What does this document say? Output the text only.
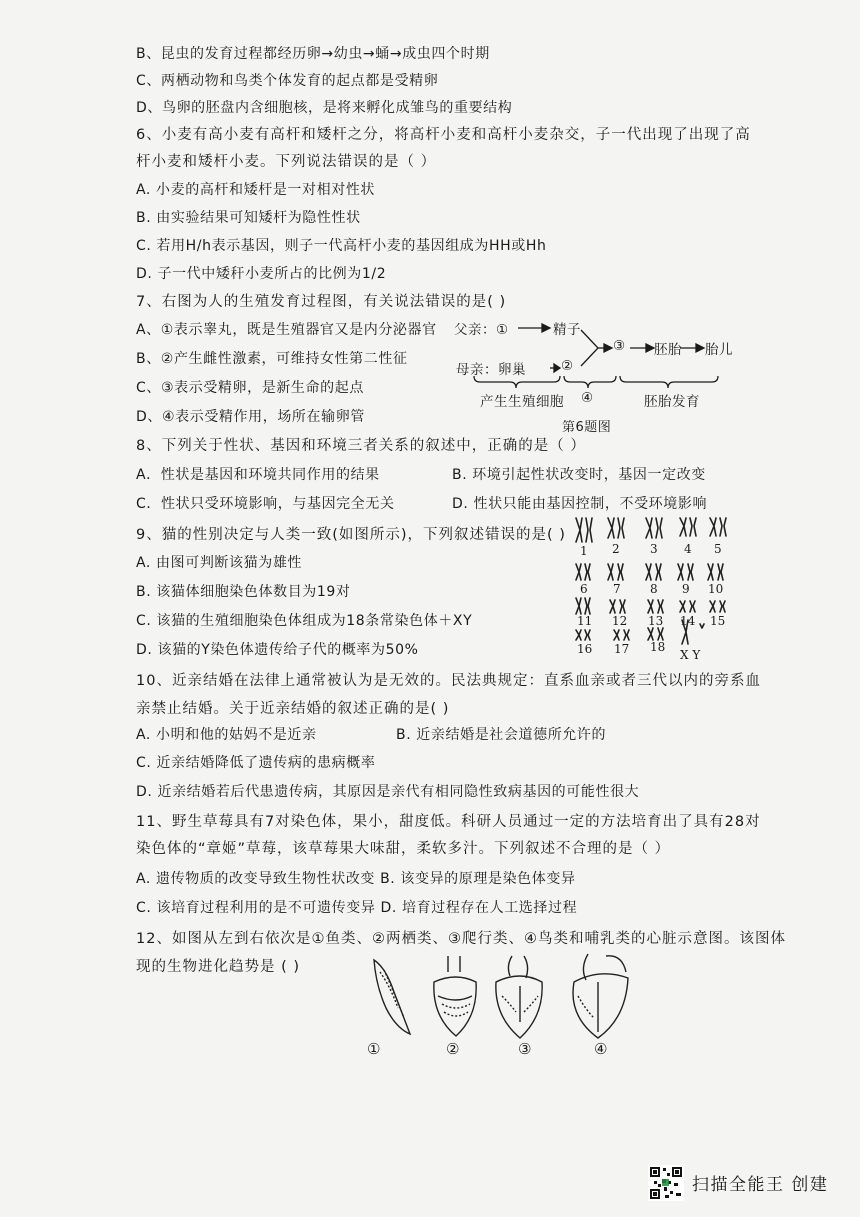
B、昆虫的发育过程都经历卵→幼虫→蛹→成虫四个时期
C、两栖动物和鸟类个体发育的起点都是受精卵
D、鸟卵的胚盘内含细胞核，是将来孵化成雏鸟的重要结构
6、小麦有高小麦有高杆和矮杆之分，将高杆小麦和高杆小麦杂交，子一代出现了出现了高
杆小麦和矮杆小麦。下列说法错误的是（ ）
A. 小麦的高杆和矮杆是一对相对性状
B. 由实验结果可知矮杆为隐性性状
C. 若用H/h表示基因，则子一代高杆小麦的基因组成为HH或Hh
D. 子一代中矮秆小麦所占的比例为1/2
7、右图为人的生殖发育过程图，有关说法错误的是( )
A、①表示睾丸，既是生殖器官又是内分泌器官
B、②产生雌性激素，可维持女性第二性征
C、③表示受精卵，是新生命的起点
D、④表示受精作用，场所在输卵管
8、下列关于性状、基因和环境三者关系的叙述中，正确的是（ ）
A．性状是基因和环境共同作用的结果	B. 环境引起性状改变时，基因一定改变
C．性状只受环境影响，与基因完全无关	D. 性状只能由基因控制，不受环境影响
9、猫的性别决定与人类一致(如图所示)，下列叙述错误的是( )
A. 由图可判断该猫为雄性
B. 该猫体细胞染色体数目为19对
C. 该猫的生殖细胞染色体组成为18条常染色体＋XY
D. 该猫的Y染色体遗传给子代的概率为50%
10、近亲结婚在法律上通常被认为是无效的。民法典规定：直系血亲或者三代以内的旁系血
亲禁止结婚。关于近亲结婚的叙述正确的是( )
A. 小明和他的姑妈不是近亲	B. 近亲结婚是社会道德所允许的
C. 近亲结婚降低了遗传病的患病概率
D. 近亲结婚若后代患遗传病，其原因是亲代有相同隐性致病基因的可能性很大
11、野生草莓具有7对染色体，果小，甜度低。科研人员通过一定的方法培育出了具有28对
染色体的“章姬”草莓，该草莓果大味甜，柔软多汁。下列叙述不合理的是（ ）
A. 遗传物质的改变导致生物性状改变 B. 该变异的原理是染色体变异
C. 该培育过程利用的是不可遗传变异 D. 培育过程存在人工选择过程
12、如图从左到右依次是①鱼类、②两栖类、③爬行类、④鸟类和哺乳类的心脏示意图。该图体
现的生物进化趋势是 ( )
父亲：①	精子
母亲：卵巢	②
③ 胚胎 胎儿
产生生殖细胞 ④	胚胎发育
第6题图
1 2	3 4 5
6 7 8 9 10
11 12 13 14 15
16 17 18
X Y
①	②	③	④
扫描全能王 创建
